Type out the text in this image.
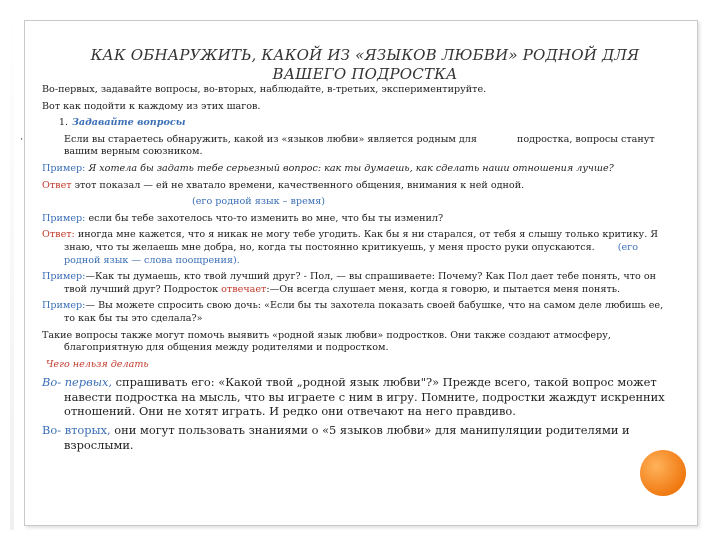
КАК ОБНАРУЖИТЬ, КАКОЙ ИЗ «ЯЗЫКОВ ЛЮБВИ» РОДНОЙ ДЛЯ ВАШЕГО ПОДРОСТКА

Во-первых, задавайте вопросы, во-вторых, наблюдайте, в-третьих, экспериментируйте.

Вот как подойти к каждому из этих шагов.

1. Задавайте вопросы

·	Если вы стараетесь обнаружить, какой из «языков любви» является родным для	подростка, вопросы станут вашим верным союзником.

Пример: Я хотела бы задать тебе серьезный вопрос: как ты думаешь, как сделать наши отношения лучше?

Ответ этот показал — ей не хватало времени, качественного общения, внимания к ней одной.

(его родной язык – время)

Пример: если бы тебе захотелось что-то изменить во мне, что бы ты изменил?

Ответ: иногда мне кажется, что я никак не могу тебе угодить. Как бы я ни старался, от тебя я слышу только критику. Я знаю, что ты желаешь мне добра, но, когда ты постоянно критикуешь, у меня просто руки опускаются. (его родной язык — слова поощрения).

Пример:—Как ты думаешь, кто твой лучший друг? - Пол, — вы спрашиваете: Почему? Как Пол дает тебе понять, что он твой лучший друг? Подросток отвечает:—Он всегда слушает меня, когда я говорю, и пытается меня понять.

Пример:— Вы можете спросить свою дочь: «Если бы ты захотела показать своей бабушке, что на самом деле любишь ее, то как бы ты это сделала?»

Такие вопросы также могут помочь выявить «родной язык любви» подростков. Они также создают атмосферу, благоприятную для общения между родителями и подростком.

Чего нельзя делать

Во- первых, спрашивать его: «Какой твой „родной язык любви"?» Прежде всего, такой вопрос может навести подростка на мысль, что вы играете с ним в игру. Помните, подростки жаждут искренних отношений. Они не хотят играть. И редко они отвечают на него правдиво.

Во- вторых, они могут пользовать знаниями о «5 языков любви» для манипуляции родителями и взрослыми.
